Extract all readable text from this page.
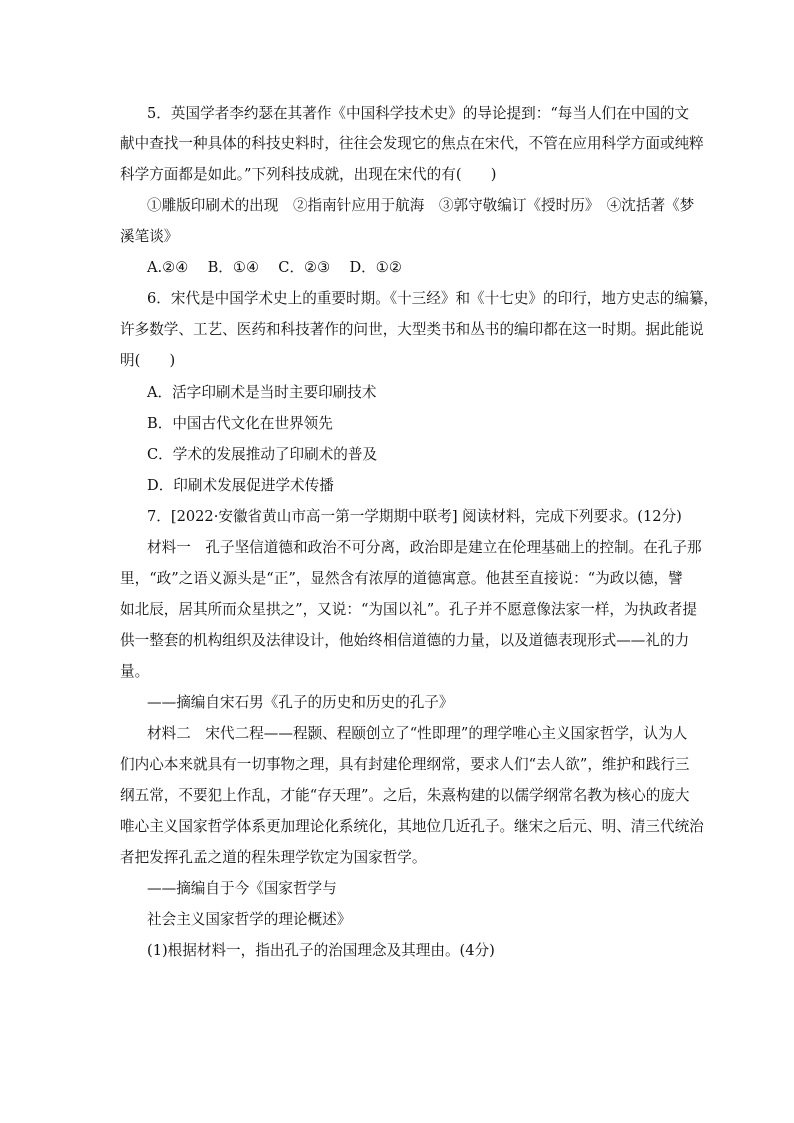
5．英国学者李约瑟在其著作《中国科学技术史》的导论提到：“每当人们在中国的文
献中查找一种具体的科技史料时，往往会发现它的焦点在宋代，不管在应用科学方面或纯粹
科学方面都是如此。”下列科技成就，出现在宋代的有(　　)
①雕版印刷术的出现　②指南针应用于航海　③郭守敬编订《授时历》　④沈括著《梦
溪笔谈》
A.②④　 B．①④　 C．②③　 D．①②
6．宋代是中国学术史上的重要时期。《十三经》和《十七史》的印行，地方史志的编纂，
许多数学、工艺、医药和科技著作的问世，大型类书和丛书的编印都在这一时期。据此能说
明(　　)
A．活字印刷术是当时主要印刷技术
B．中国古代文化在世界领先
C．学术的发展推动了印刷术的普及
D．印刷术发展促进学术传播
7．[2022·安徽省黄山市高一第一学期期中联考] 阅读材料，完成下列要求。(12分)
材料一　孔子坚信道德和政治不可分离，政治即是建立在伦理基础上的控制。在孔子那
里，“政”之语义源头是“正”，显然含有浓厚的道德寓意。他甚至直接说：“为政以德，譬
如北辰，居其所而众星拱之”，又说：“为国以礼”。孔子并不愿意像法家一样，为执政者提
供一整套的机构组织及法律设计，他始终相信道德的力量，以及道德表现形式——礼的力
量。
——摘编自宋石男《孔子的历史和历史的孔子》
材料二　宋代二程——程颢、程颐创立了“性即理”的理学唯心主义国家哲学，认为人
们内心本来就具有一切事物之理，具有封建伦理纲常，要求人们“去人欲”，维护和践行三
纲五常，不要犯上作乱，才能“存天理”。之后，朱熹构建的以儒学纲常名教为核心的庞大
唯心主义国家哲学体系更加理论化系统化，其地位几近孔子。继宋之后元、明、清三代统治
者把发挥孔孟之道的程朱理学钦定为国家哲学。
——摘编自于今《国家哲学与
社会主义国家哲学的理论概述》
(1)根据材料一，指出孔子的治国理念及其理由。(4分)
